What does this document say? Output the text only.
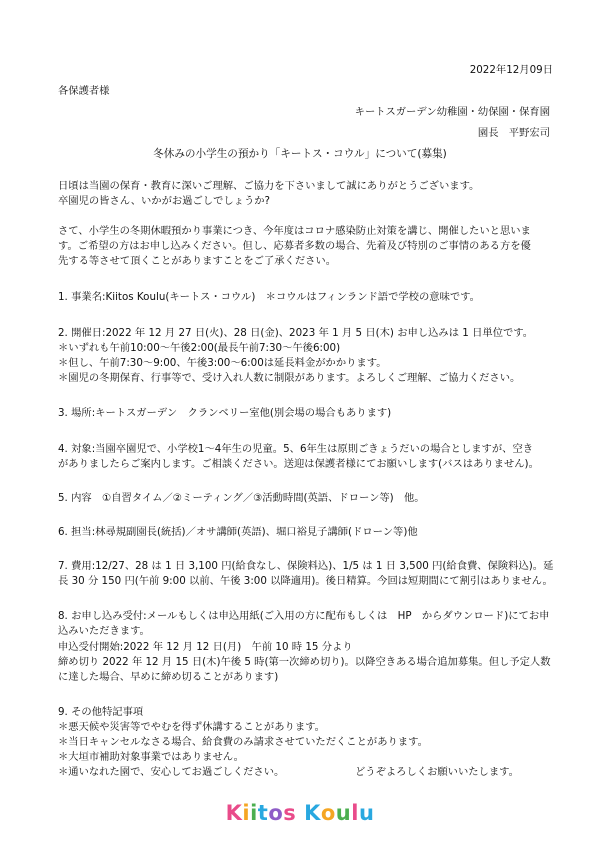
2022年12月09日
各保護者様
キートスガーデン幼稚園・幼保園・保育園
園長　平野宏司
冬休みの小学生の預かり「キートス・コウル」について(募集)
日頃は当園の保育・教育に深いご理解、ご協力を下さいまして誠にありがとうございます。
卒園児の皆さん、いかがお過ごしでしょうか?
さて、小学生の冬期休暇預かり事業につき、今年度はコロナ感染防止対策を講じ、開催したいと思いま
す。ご希望の方はお申し込みください。但し、応募者多数の場合、先着及び特別のご事情のある方を優
先する等させて頂くことがありますことをご了承ください。
1. 事業名:Kiitos Koulu(キートス・コウル)　＊コウルはフィンランド語で学校の意味です。
2. 開催日:2022 年 12 月 27 日(火)、28 日(金)、2023 年 1 月 5 日(木) お申し込みは 1 日単位です。
＊いずれも午前10:00～午後2:00(最長午前7:30～午後6:00)
＊但し、午前7:30～9:00、午後3:00～6:00は延長料金がかかります。
＊園児の冬期保育、行事等で、受け入れ人数に制限があります。よろしくご理解、ご協力ください。
3. 場所:キートスガーデン　クランベリー室他(別会場の場合もあります)
4. 対象:当園卒園児で、小学校1～4年生の児童。5、6年生は原則ごきょうだいの場合としますが、空き
がありましたらご案内します。ご相談ください。送迎は保護者様にてお願いします(バスはありません)。
5. 内容　①自習タイム／②ミーティング／③活動時間(英語、ドローン等)　他。
6. 担当:林尋規副園長(統括)／オサ講師(英語)、堀口裕見子講師(ドローン等)他
7. 費用:12/27、28 は 1 日 3,100 円(給食なし、保険料込)、1/5 は 1 日 3,500 円(給食費、保険料込)。延
長 30 分 150 円(午前 9:00 以前、午後 3:00 以降適用)。後日精算。今回は短期間にて割引はありません。
8. お申し込み受付:メールもしくは申込用紙(ご入用の方に配布もしくは　HP　からダウンロード)にてお申
込みいただきます。
申込受付開始:2022 年 12 月 12 日(月)　午前 10 時 15 分より
締め切り 2022 年 12 月 15 日(木)午後 5 時(第一次締め切り)。以降空きある場合追加募集。但し予定人数
に達した場合、早めに締め切ることがあります)
9. その他特記事項
＊悪天候や災害等でやむを得ず休講することがあります。
＊当日キャンセルなさる場合、給食費のみ請求させていただくことがあります。
＊大垣市補助対象事業ではありません。
＊通いなれた園で、安心してお過ごしください。	どうぞよろしくお願いいたします。
Kiitos Koulu
